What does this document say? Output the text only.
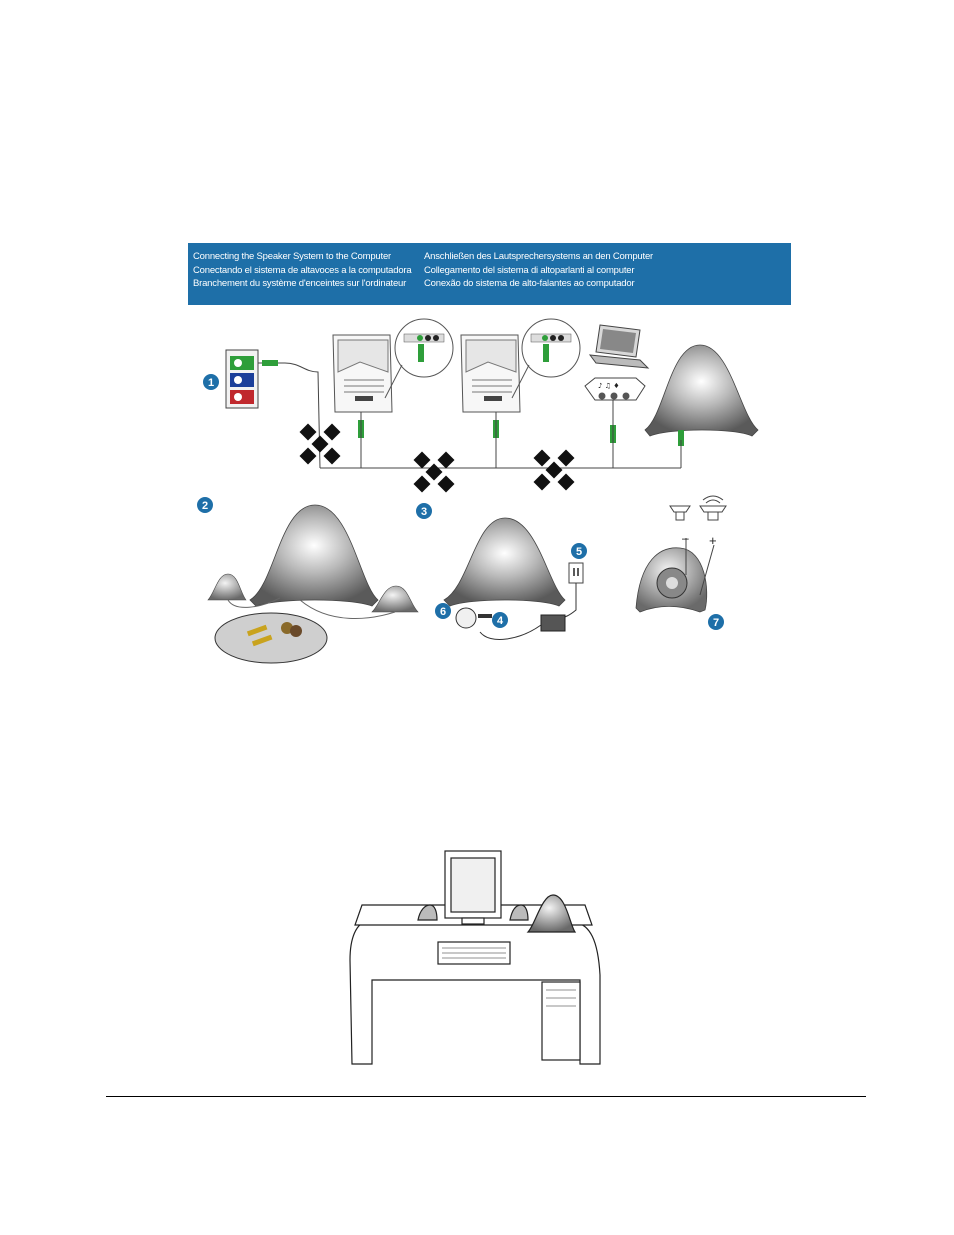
Connecting the Speaker System to the Computer
Conectando el sistema de altavoces a la computadora
Branchement du système d'enceintes sur l'ordinateur
Anschließen des Lautsprechersystems an den Computer
Collegamento del sistema di altoparlanti al computer
Conexão do sistema de alto-falantes ao computador
♪ ♫ ♦
– +
1
2	3
4
5
6
7
